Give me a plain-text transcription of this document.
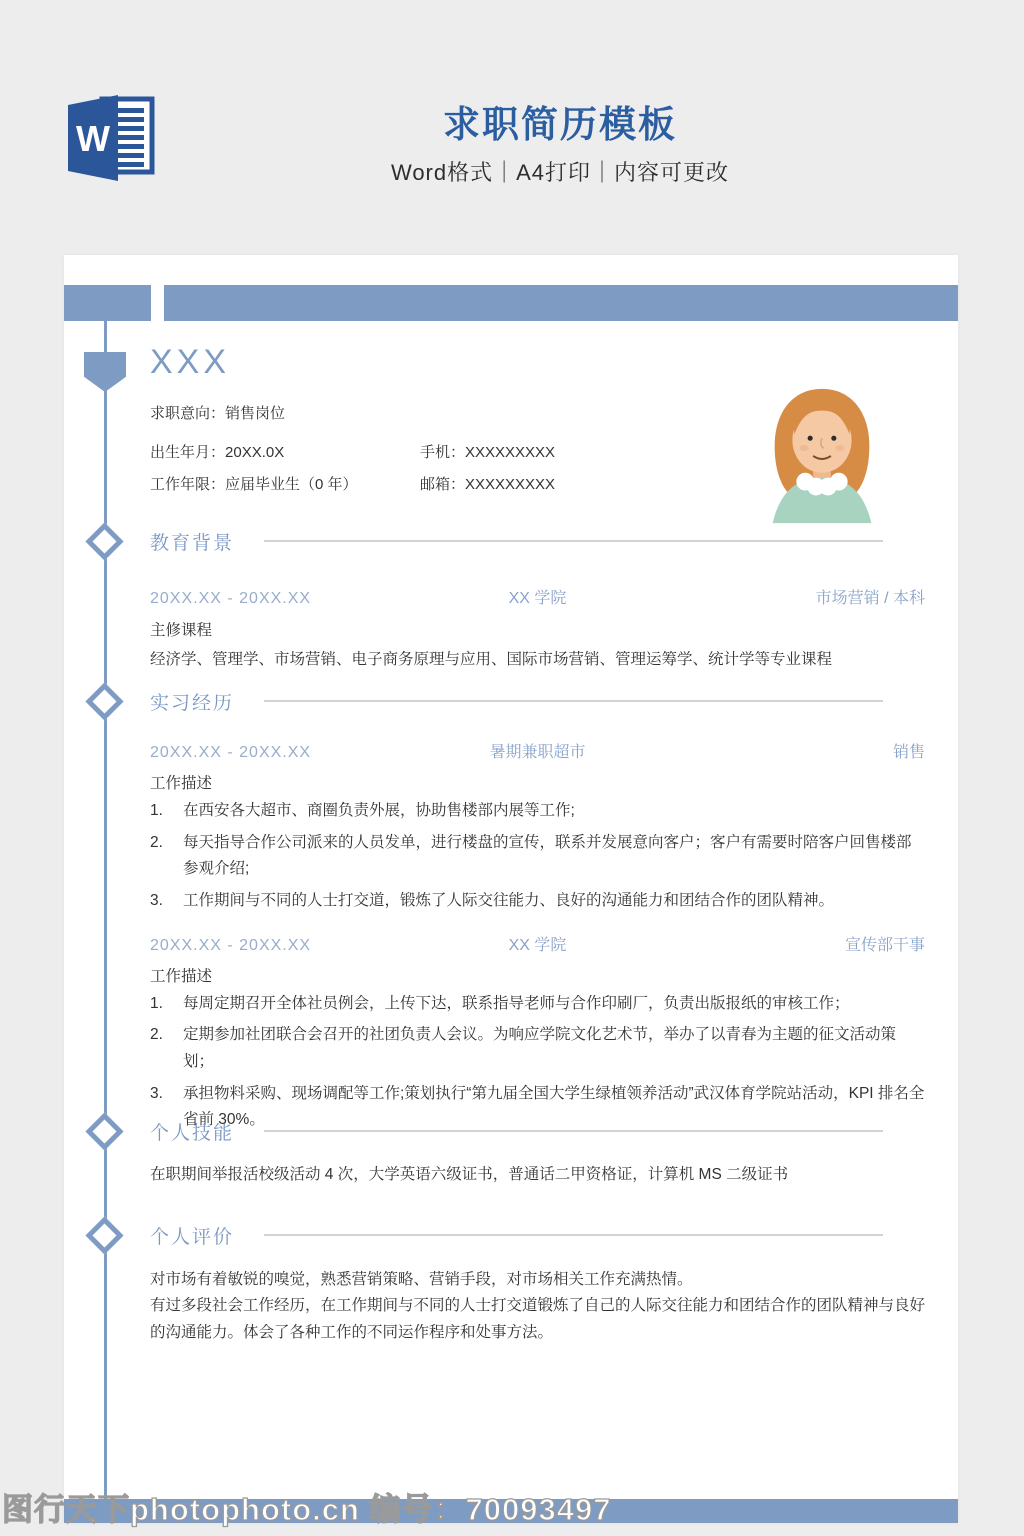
W	求职简历模板
Word格式｜A4打印｜内容可更改
XXX
求职意向：销售岗位
出生年月：20XX.0X	手机：XXXXXXXXX
工作年限：应届毕业生（0 年）	邮箱：XXXXXXXXX
教育背景
20XX.XX - 20XX.XX	XX 学院	市场营销 / 本科
主修课程
经济学、管理学、市场营销、电子商务原理与应用、国际市场营销、管理运筹学、统计学等专业课程
实习经历
20XX.XX - 20XX.XX	暑期兼职超市	销售
工作描述
1.	在西安各大超市、商圈负责外展，协助售楼部内展等工作;
2.	每天指导合作公司派来的人员发单，进行楼盘的宣传，联系并发展意向客户；客户有需要时陪客户回售楼部参观介绍;
3.	工作期间与不同的人士打交道，锻炼了人际交往能力、良好的沟通能力和团结合作的团队精神。
20XX.XX - 20XX.XX	XX 学院	宣传部干事
工作描述
1.	每周定期召开全体社员例会，上传下达，联系指导老师与合作印刷厂，负责出版报纸的审核工作；
2.	定期参加社团联合会召开的社团负责人会议。为响应学院文化艺术节，举办了以青春为主题的征文活动策划；
3.	承担物料采购、现场调配等工作;策划执行“第九届全国大学生绿植领养活动”武汉体育学院站活动，KPI 排名全省前 30%。
个人技能
在职期间举报活校级活动 4 次，大学英语六级证书，普通话二甲资格证，计算机 MS 二级证书
个人评价
对市场有着敏锐的嗅觉，熟悉营销策略、营销手段，对市场相关工作充满热情。
有过多段社会工作经历，在工作期间与不同的人士打交道锻炼了自己的人际交往能力和团结合作的团队精神与良好的沟通能力。体会了各种工作的不同运作程序和处事方法。
图行天下photophoto.cn 编号：70093497
